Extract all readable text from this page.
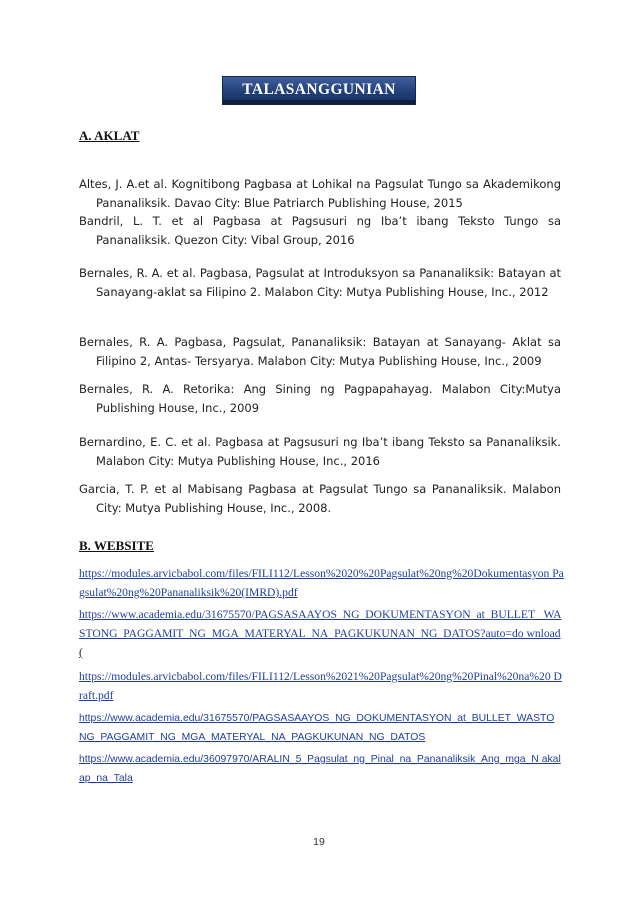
TALASANGGUNIAN
A. AKLAT
Altes, J. A.et al. Kognitibong Pagbasa at Lohikal na Pagsulat Tungo sa Akademikong Pananaliksik. Davao City: Blue Patriarch Publishing House, 2015
Bandril, L. T. et al Pagbasa at Pagsusuri ng Iba’t ibang Teksto Tungo sa Pananaliksik. Quezon City: Vibal Group, 2016
Bernales, R. A. et al. Pagbasa, Pagsulat at Introduksyon sa Pananaliksik: Batayan at Sanayang-aklat sa Filipino 2. Malabon City: Mutya Publishing House, Inc., 2012
Bernales, R. A. Pagbasa, Pagsulat, Pananaliksik: Batayan at Sanayang- Aklat sa Filipino 2, Antas- Tersyarya. Malabon City: Mutya Publishing House, Inc., 2009
Bernales, R. A. Retorika: Ang Sining ng Pagpapahayag. Malabon City:Mutya Publishing House, Inc., 2009
Bernardino, E. C. et al. Pagbasa at Pagsusuri ng Iba’t ibang Teksto sa Pananaliksik. Malabon City: Mutya Publishing House, Inc., 2016
Garcia, T. P. et al Mabisang Pagbasa at Pagsulat Tungo sa Pananaliksik. Malabon City: Mutya Publishing House, Inc., 2008.
B. WEBSITE
https://modules.arvicbabol.com/files/FILI112/Lesson%2020%20Pagsulat%20ng%20Dokumentasyon Pagsulat%20ng%20Pananaliksik%20(IMRD).pdf
https://www.academia.edu/31675570/PAGSASAAYOS_NG_DOKUMENTASYON_at_BULLET_ WASTONG_PAGGAMIT_NG_MGA_MATERYAL_NA_PAGKUKUNAN_NG_DATOS?auto=do wnload (
https://modules.arvicbabol.com/files/FILI112/Lesson%2021%20Pagsulat%20ng%20Pinal%20na%20 Draft.pdf
https://www.academia.edu/31675570/PAGSASAAYOS_NG_DOKUMENTASYON_at_BULLET_WASTO NG_PAGGAMIT_NG_MGA_MATERYAL_NA_PAGKUKUNAN_NG_DATOS
https://www.academia.edu/36097970/ARALIN_5_Pagsulat_ng_Pinal_na_Pananaliksik_Ang_mga_N akalap_na_Tala
19
